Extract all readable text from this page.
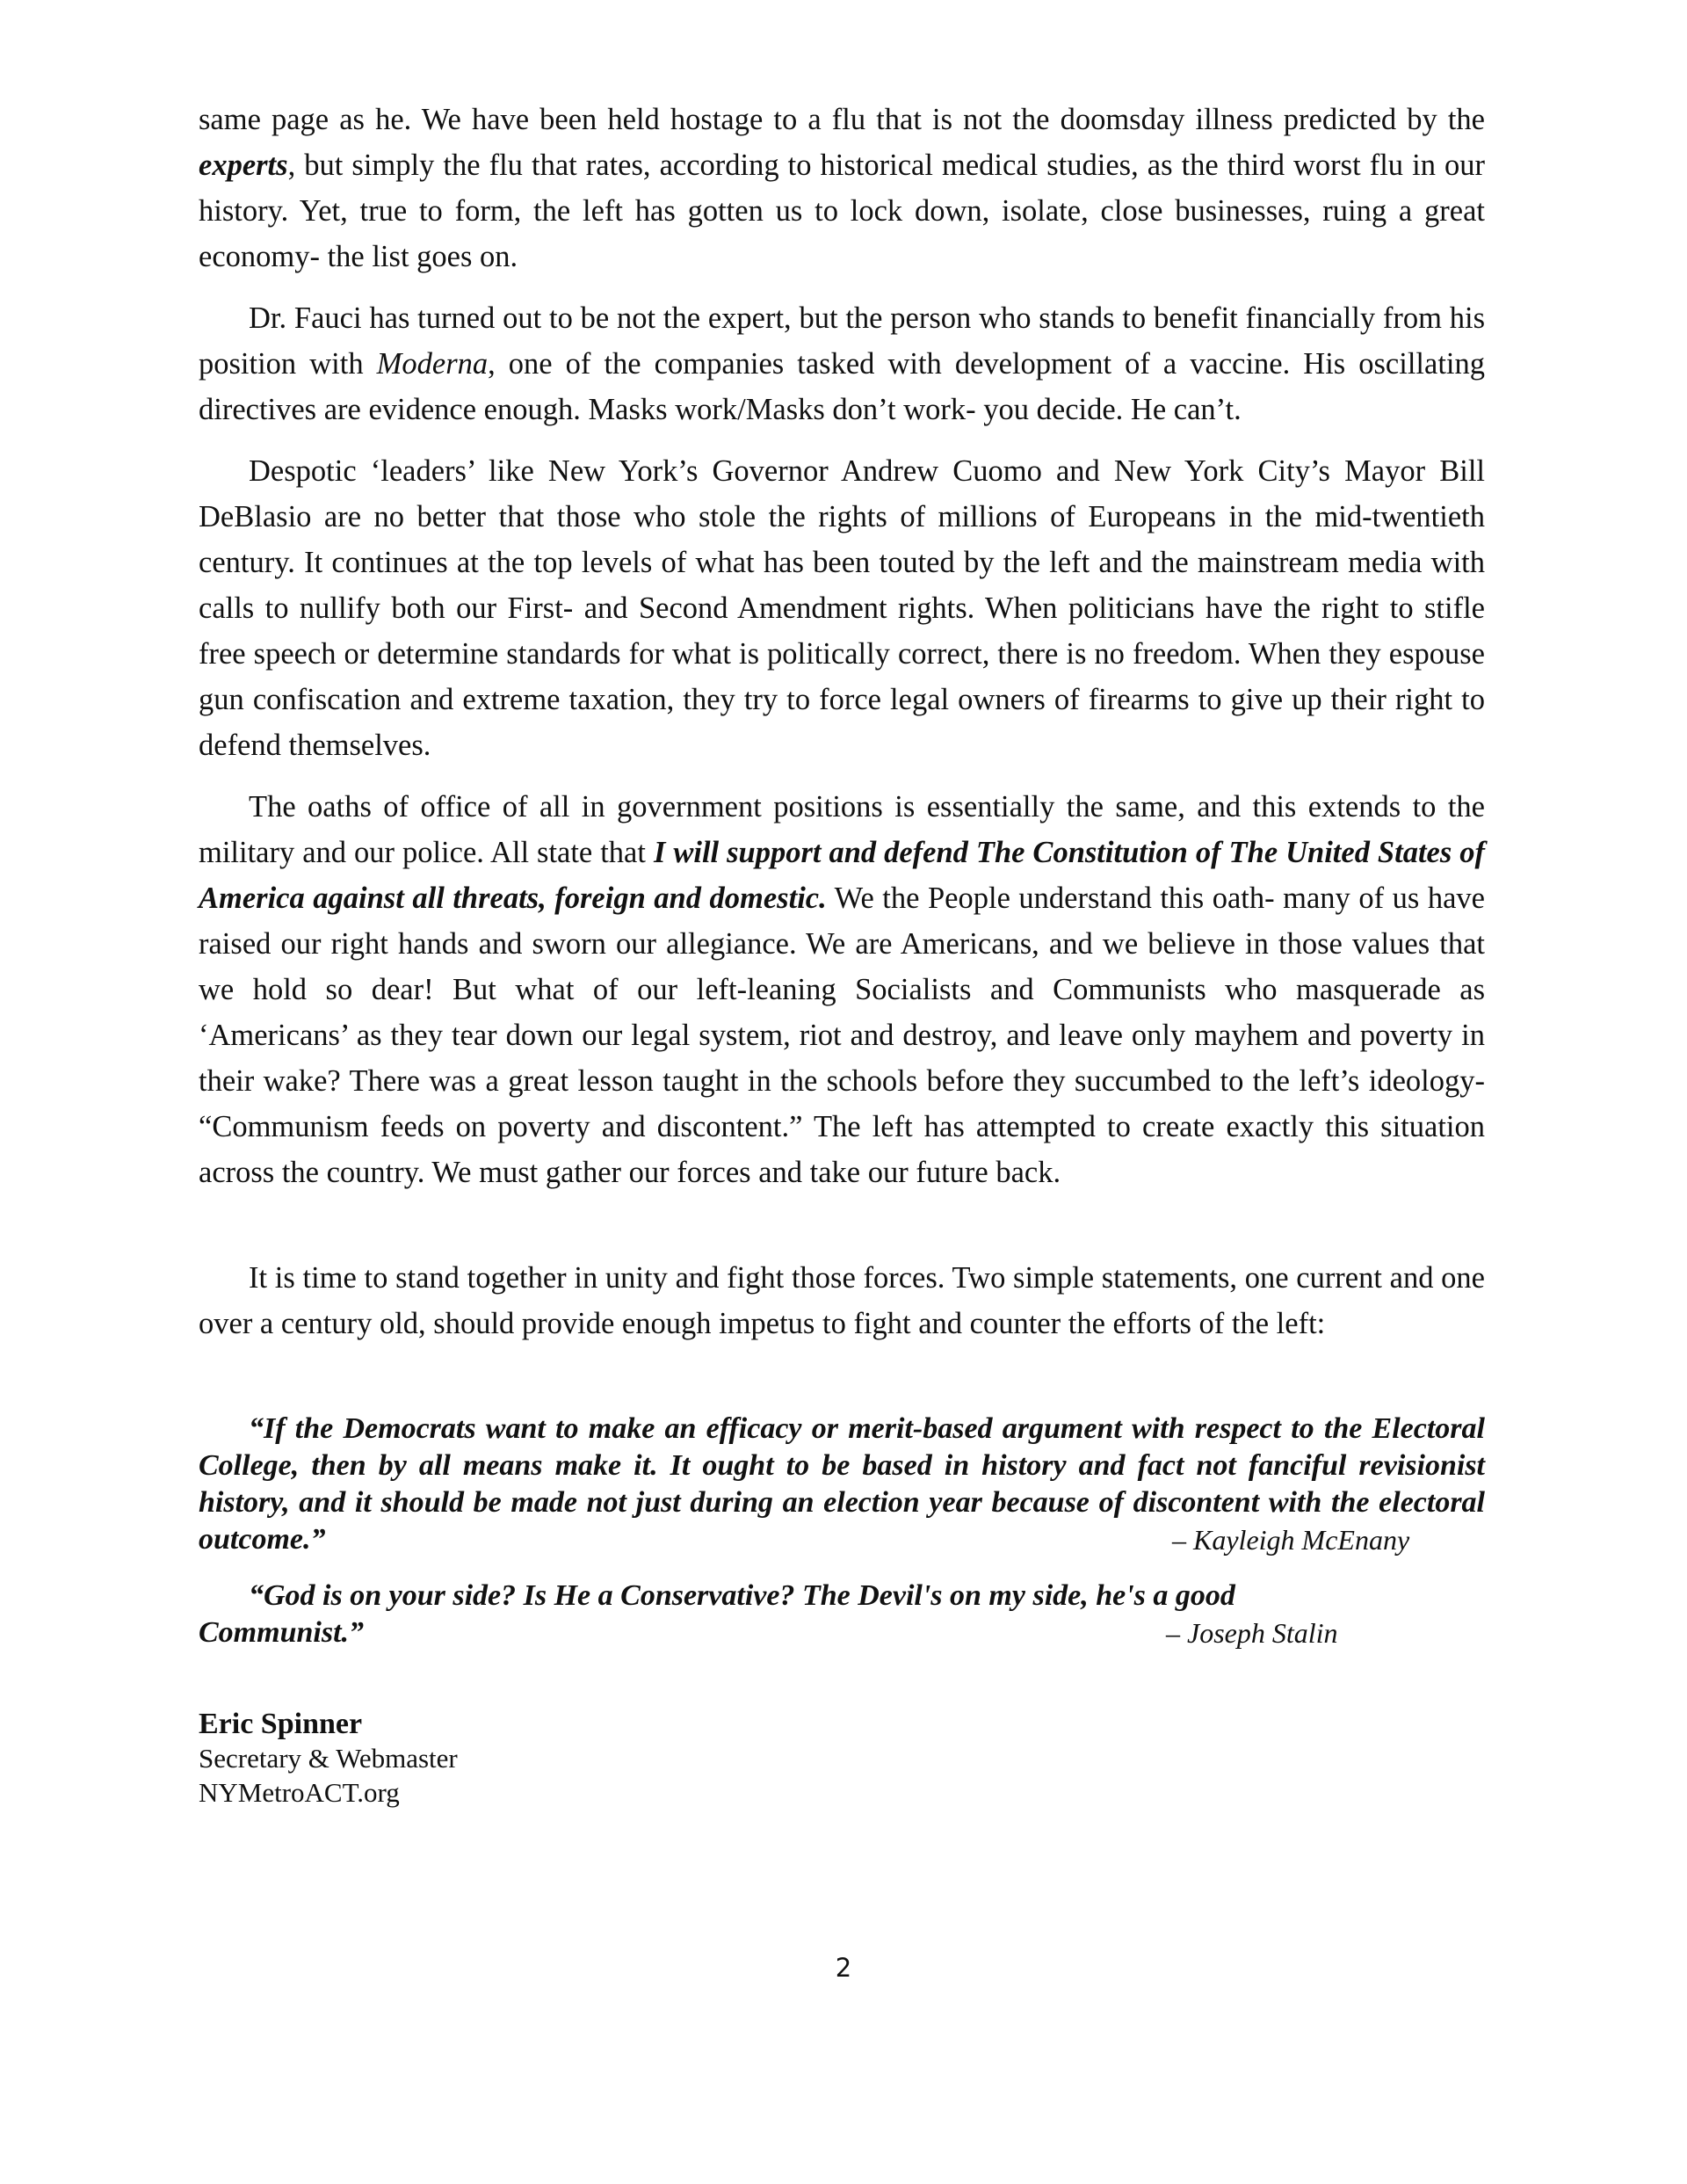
same page as he. We have been held hostage to a flu that is not the doomsday illness predicted by the experts, but simply the flu that rates, according to historical medical studies, as the third worst flu in our history. Yet, true to form, the left has gotten us to lock down, isolate, close businesses, ruing a great economy- the list goes on.

Dr. Fauci has turned out to be not the expert, but the person who stands to benefit financially from his position with Moderna, one of the companies tasked with development of a vaccine. His oscillating directives are evidence enough. Masks work/Masks don’t work- you decide. He can’t.

Despotic ‘leaders’ like New York’s Governor Andrew Cuomo and New York City’s Mayor Bill DeBlasio are no better that those who stole the rights of millions of Europeans in the mid-twentieth century. It continues at the top levels of what has been touted by the left and the mainstream media with calls to nullify both our First- and Second Amendment rights. When politicians have the right to stifle free speech or determine standards for what is politically correct, there is no freedom. When they espouse gun confiscation and extreme taxation, they try to force legal owners of firearms to give up their right to defend themselves.

The oaths of office of all in government positions is essentially the same, and this extends to the military and our police. All state that I will support and defend The Constitution of The United States of America against all threats, foreign and domestic. We the People understand this oath- many of us have raised our right hands and sworn our allegiance. We are Americans, and we believe in those values that we hold so dear! But what of our left-leaning Socialists and Communists who masquerade as ‘Americans’ as they tear down our legal system, riot and destroy, and leave only mayhem and poverty in their wake? There was a great lesson taught in the schools before they succumbed to the left’s ideology- “Communism feeds on poverty and discontent.” The left has attempted to create exactly this situation across the country. We must gather our forces and take our future back.

It is time to stand together in unity and fight those forces. Two simple statements, one current and one over a century old, should provide enough impetus to fight and counter the efforts of the left:

“If the Democrats want to make an efficacy or merit-based argument with respect to the Electoral College, then by all means make it. It ought to be based in history and fact not fanciful revisionist history, and it should be made not just during an election year because of discontent with the electoral outcome.”	– Kayleigh McEnany

“God is on your side? Is He a Conservative? The Devil's on my side, he's a good Communist.”	– Joseph Stalin
Eric Spinner
Secretary & Webmaster
NYMetroACT.org
2
